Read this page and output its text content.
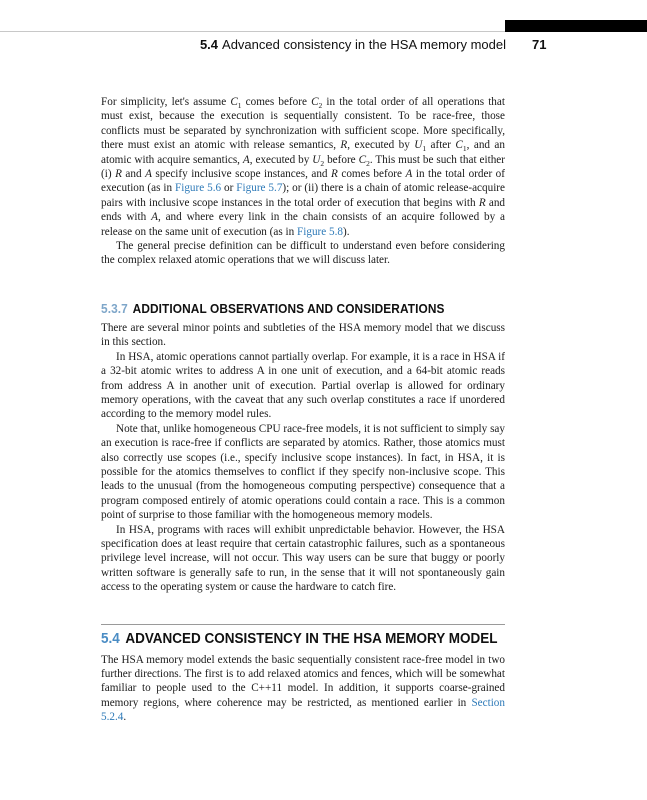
5.4 Advanced consistency in the HSA memory model 71

For simplicity, let's assume $C_1$ comes before $C_2$ in the total order of all operations that must exist, because the execution is sequentially consistent. To be race-free, those conflicts must be separated by synchronization with sufficient scope. More specifically, there must exist an atomic with release semantics, R, executed by $U_1$ after $C_1$, and an atomic with acquire semantics, A, executed by $U_2$ before $C_2$. This must be such that either (i) R and A specify inclusive scope instances, and R comes before A in the total order of execution (as in Figure 5.6 or Figure 5.7); or (ii) there is a chain of atomic release-acquire pairs with inclusive scope instances in the total order of execution that begins with R and ends with A, and where every link in the chain consists of an acquire followed by a release on the same unit of execution (as in Figure 5.8).

The general precise definition can be difficult to understand even before considering the complex relaxed atomic operations that we will discuss later.

5.3.7 ADDITIONAL OBSERVATIONS AND CONSIDERATIONS

There are several minor points and subtleties of the HSA memory model that we discuss in this section.

In HSA, atomic operations cannot partially overlap. For example, it is a race in HSA if a 32-bit atomic writes to address A in one unit of execution, and a 64-bit atomic reads from address A in another unit of execution. Partial overlap is allowed for ordinary memory operations, with the caveat that any such overlap constitutes a race if unordered according to the memory model rules.

Note that, unlike homogeneous CPU race-free models, it is not sufficient to simply say an execution is race-free if conflicts are separated by atomics. Rather, those atomics must also correctly use scopes (i.e., specify inclusive scope instances). In fact, in HSA, it is possible for the atomics themselves to conflict if they specify non-inclusive scope. This leads to the unusual (from the homogeneous computing perspective) consequence that a program composed entirely of atomic operations could contain a race. This is a common point of surprise to those familiar with the homogeneous memory models.

In HSA, programs with races will exhibit unpredictable behavior. However, the HSA specification does at least require that certain catastrophic failures, such as a spontaneous privilege level increase, will not occur. This way users can be sure that buggy or poorly written software is generally safe to run, in the sense that it will not spontaneously gain access to the operating system or cause the hardware to catch fire.

5.4 ADVANCED CONSISTENCY IN THE HSA MEMORY MODEL

The HSA memory model extends the basic sequentially consistent race-free model in two further directions. The first is to add relaxed atomics and fences, which will be somewhat familiar to people used to the C++11 model. In addition, it supports coarse-grained memory regions, where coherence may be restricted, as mentioned earlier in Section 5.2.4.
